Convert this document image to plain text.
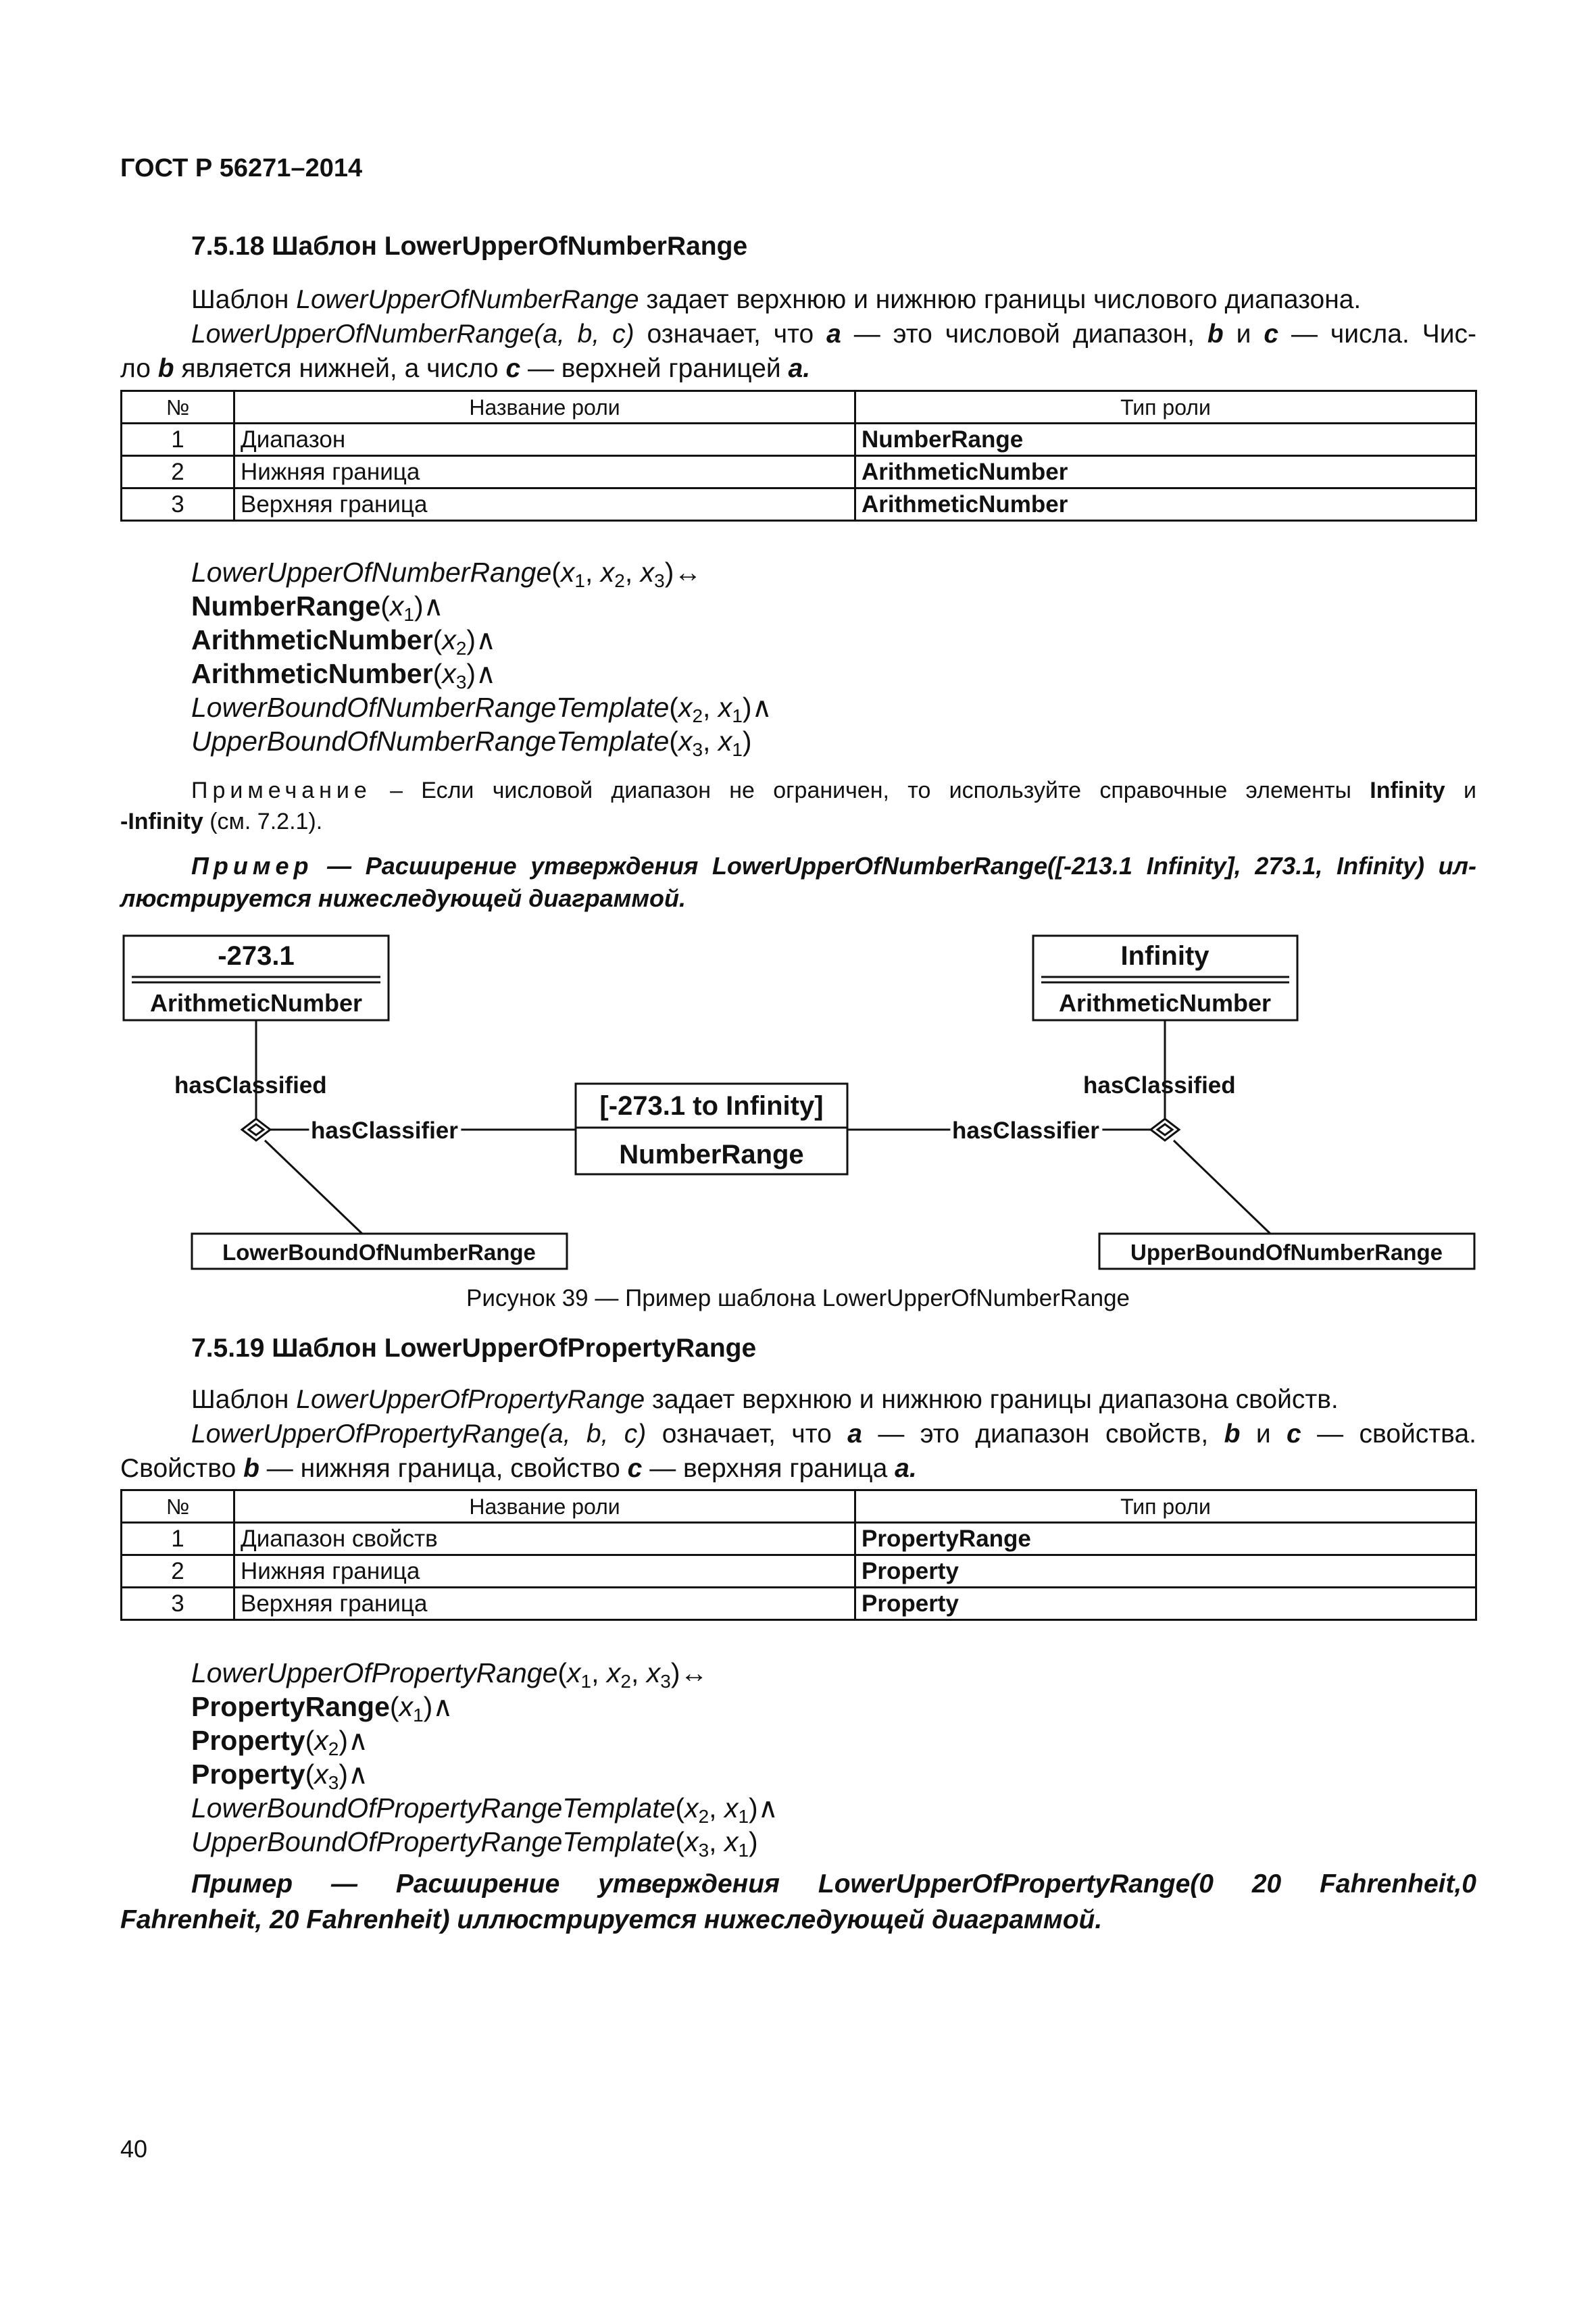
ГОСТ Р 56271–2014
7.5.18 Шаблон LowerUpperOfNumberRange
Шаблон LowerUpperOfNumberRange задает верхнюю и нижнюю границы числового диапазона.
LowerUpperOfNumberRange(a, b, c) означает, что a — это числовой диапазон, b и c — числа. Чис-
ло b является нижней, а число c — верхней границей a.
№	Название роли	Тип роли
1	Диапазон	NumberRange
2	Нижняя граница	ArithmeticNumber
3	Верхняя граница	ArithmeticNumber
$LowerUpperOfNumberRange(x_1$, $x_2$, $x_3)\leftrightarrow$
$NumberRange(x_1)\wedge$
$ArithmeticNumber(x_2)\wedge$
$ArithmeticNumber(x_3)\wedge$
$LowerBoundOfNumberRangeTemplate(x_2$, $x_1)\wedge$
$UpperBoundOfNumberRangeTemplate(x_3$, $x_1$)
Примечание – Если числовой диапазон не ограничен, то используйте справочные элементы Infinity и
-Infinity (см. 7.2.1).
Пример — Расширение утверждения LowerUpperOfNumberRange([-213.1 Infinity], 273.1, Infinity) ил-
люстрируется нижеследующей диаграммой.
-273.1
ArithmeticNumber
Infinity
ArithmeticNumber
[-273.1 to Infinity]
NumberRange
LowerBoundOfNumberRange	UpperBoundOfNumberRange
hasClassified	hasClassified
hasClassifier	hasClassifier
Рисунок 39 — Пример шаблона LowerUpperOfNumberRange
7.5.19 Шаблон LowerUpperOfPropertyRange
Шаблон LowerUpperOfPropertyRange задает верхнюю и нижнюю границы диапазона свойств.
LowerUpperOfPropertyRange(a, b, c) означает, что a — это диапазон свойств, b и c — свойства.
Свойство b — нижняя граница, свойство c — верхняя граница a.
№	Название роли	Тип роли
1	Диапазон свойств	PropertyRange
2	Нижняя граница	Property
3	Верхняя граница	Property
$LowerUpperOfPropertyRange(x_1$, $x_2$, $x_3)\leftrightarrow$
$PropertyRange(x_1)\wedge$
$Property(x_2)\wedge$
$Property(x_3)\wedge$
$LowerBoundOfPropertyRangeTemplate(x_2$, $x_1)\wedge$
$UpperBoundOfPropertyRangeTemplate(x_3$, $x_1$)
Пример — Расширение утверждения LowerUpperOfPropertyRange(0 20 Fahrenheit,0
Fahrenheit, 20 Fahrenheit) иллюстрируется нижеследующей диаграммой.
40
